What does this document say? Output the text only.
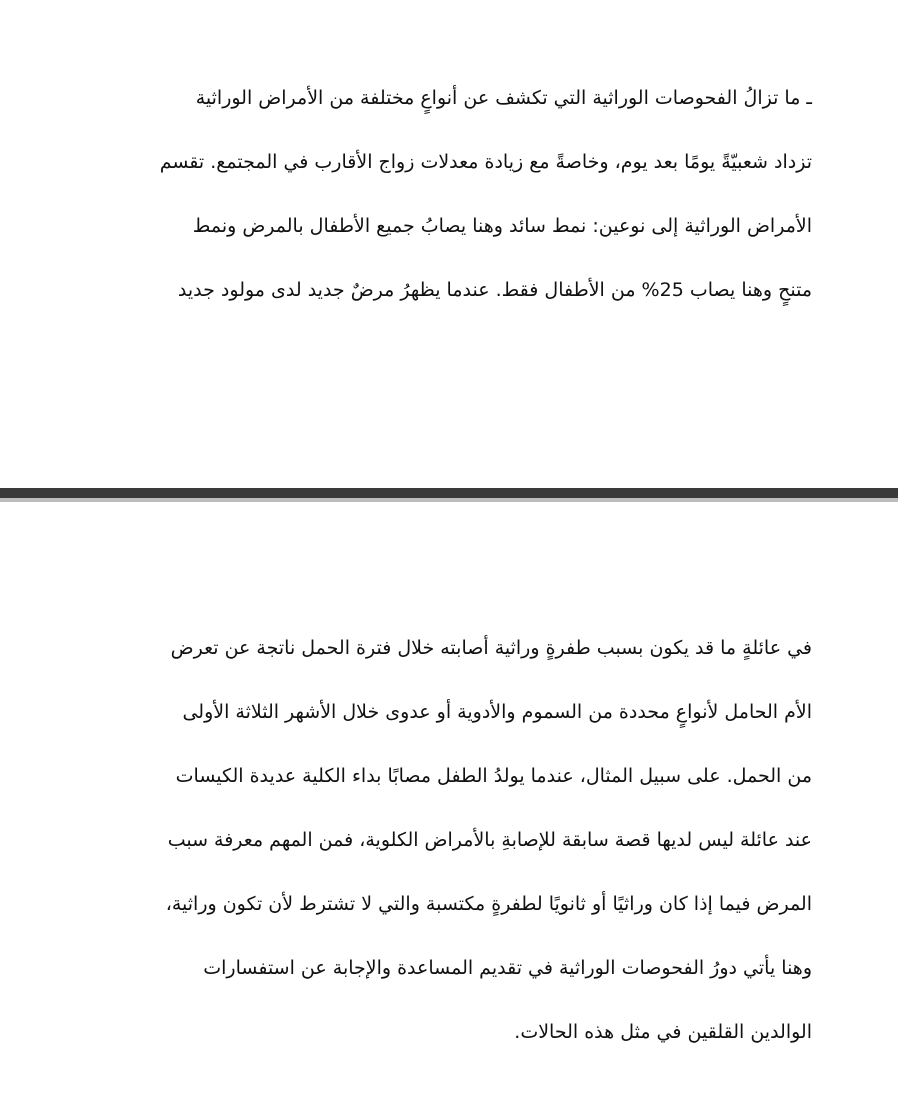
ـ ما تزالُ الفحوصات الوراثية التي تكشف عن أنواعٍ مختلفة من الأمراض الوراثية
تزداد شعبيّةً يومًا بعد يوم، وخاصةً مع زيادة معدلات زواج الأقارب في المجتمع. تقسم
الأمراض الوراثية إلى نوعين: نمط سائد وهنا يصابُ جميع الأطفال بالمرض ونمط
متنحٍ وهنا يصاب 25% من الأطفال فقط. عندما يظهرُ مرضٌ جديد لدى مولود جديد
في عائلةٍ ما قد يكون بسبب طفرةٍ وراثية أصابته خلال فترة الحمل ناتجة عن تعرض
الأم الحامل لأنواعٍ محددة من السموم والأدوية أو عدوى خلال الأشهر الثلاثة الأولى
من الحمل. على سبيل المثال، عندما يولدُ الطفل مصابًا بداء الكلية عديدة الكيسات
عند عائلة ليس لديها قصة سابقة للإصابةِ بالأمراض الكلوية، فمن المهم معرفة سبب
المرض فيما إذا كان وراثيًا أو ثانويًا لطفرةٍ مكتسبة والتي لا تشترط لأن تكون وراثية،
وهنا يأتي دورُ الفحوصات الوراثية في تقديم المساعدة والإجابة عن استفسارات
الوالدين القلقين في مثل هذه الحالات.
